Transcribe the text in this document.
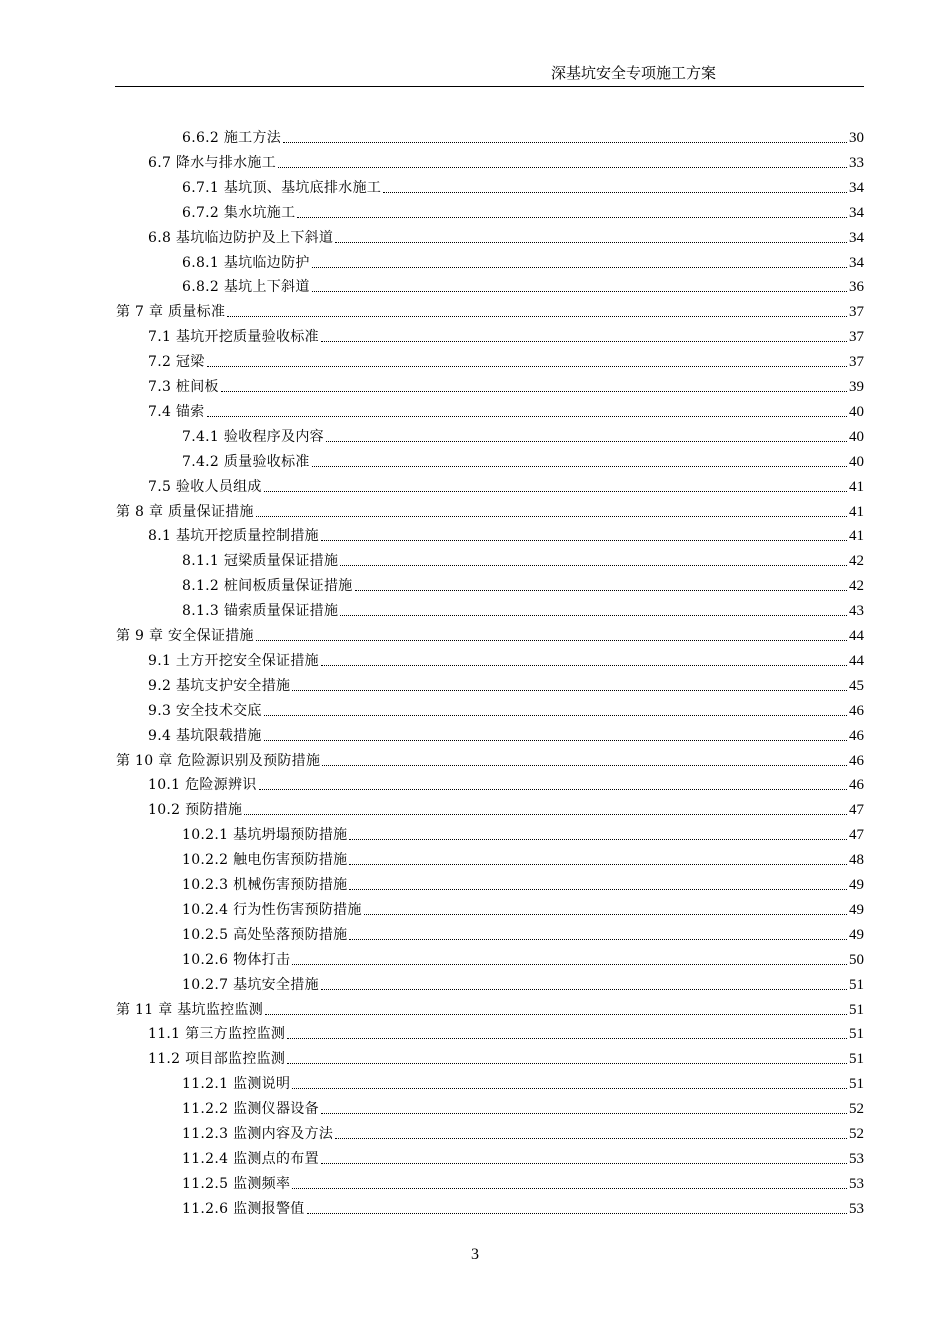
深基坑安全专项施工方案
6.6.2 施工方法	30
6.7 降水与排水施工	33
6.7.1 基坑顶、基坑底排水施工	34
6.7.2 集水坑施工	34
6.8 基坑临边防护及上下斜道	34
6.8.1 基坑临边防护	34
6.8.2 基坑上下斜道	36
第 7 章 质量标准	37
7.1 基坑开挖质量验收标准	37
7.2 冠梁	37
7.3 桩间板	39
7.4 锚索	40
7.4.1 验收程序及内容	40
7.4.2 质量验收标准	40
7.5 验收人员组成	41
第 8 章 质量保证措施	41
8.1 基坑开挖质量控制措施	41
8.1.1 冠梁质量保证措施	42
8.1.2 桩间板质量保证措施	42
8.1.3 锚索质量保证措施	43
第 9 章 安全保证措施	44
9.1 土方开挖安全保证措施	44
9.2 基坑支护安全措施	45
9.3 安全技术交底	46
9.4 基坑限载措施	46
第 10 章 危险源识别及预防措施	46
10.1 危险源辨识	46
10.2 预防措施	47
10.2.1 基坑坍塌预防措施	47
10.2.2 触电伤害预防措施	48
10.2.3 机械伤害预防措施	49
10.2.4 行为性伤害预防措施	49
10.2.5 高处坠落预防措施	49
10.2.6 物体打击	50
10.2.7 基坑安全措施	51
第 11 章 基坑监控监测	51
11.1 第三方监控监测	51
11.2 项目部监控监测	51
11.2.1 监测说明	51
11.2.2 监测仪器设备	52
11.2.3 监测内容及方法	52
11.2.4 监测点的布置	53
11.2.5 监测频率	53
11.2.6 监测报警值	53
3
